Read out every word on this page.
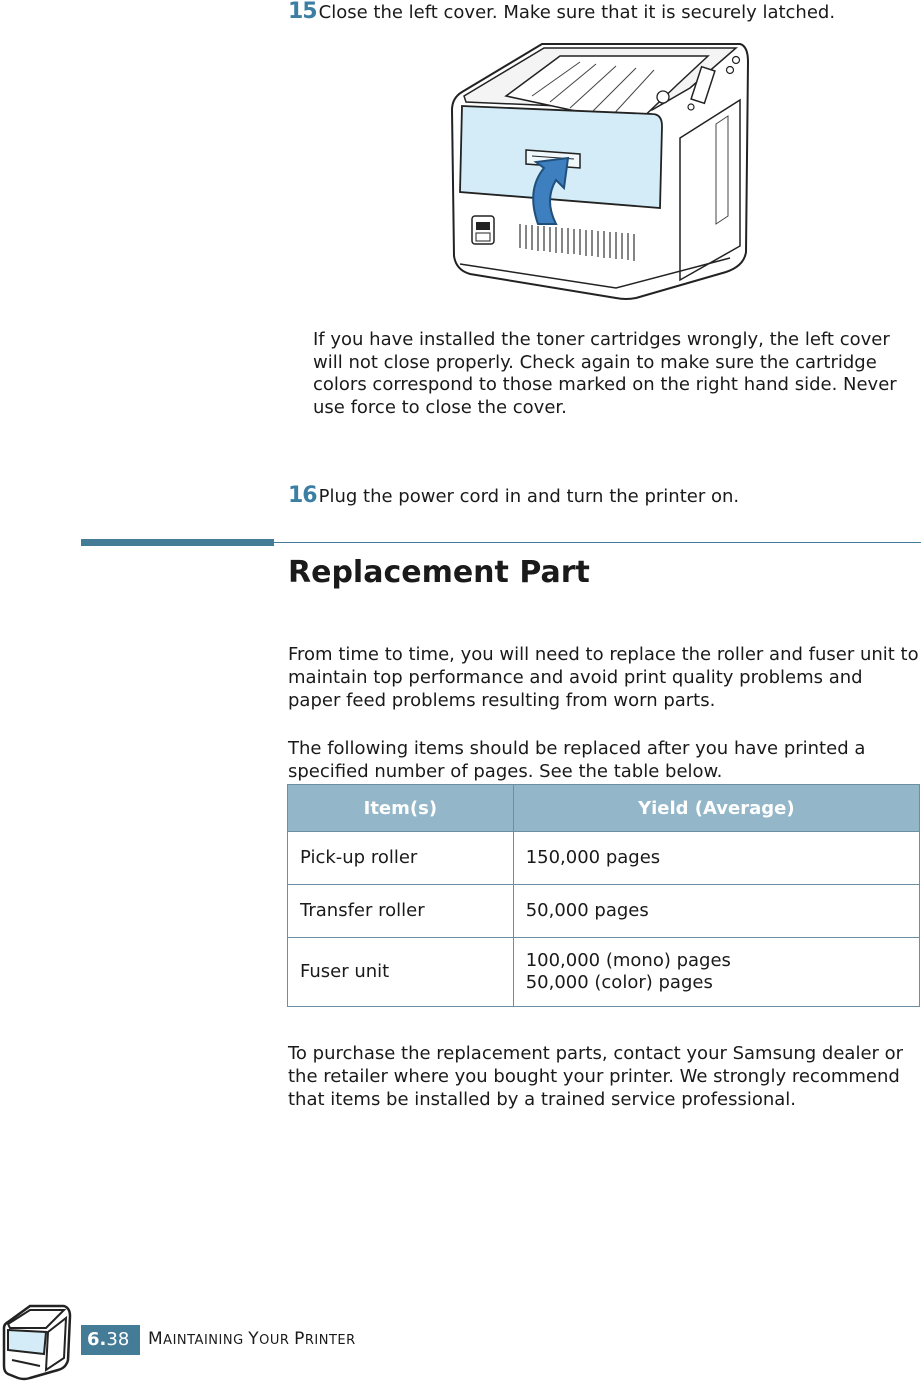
15 Close the left cover. Make sure that it is securely latched.
If you have installed the toner cartridges wrongly, the left cover will not close properly. Check again to make sure the cartridge colors correspond to those marked on the right hand side. Never use force to close the cover.
16 Plug the power cord in and turn the printer on.
Replacement Part
From time to time, you will need to replace the roller and fuser unit to maintain top performance and avoid print quality problems and paper feed problems resulting from worn parts.
The following items should be replaced after you have printed a specified number of pages. See the table below.
Item(s)	Yield (Average)
Pick-up roller	150,000 pages
Transfer roller	50,000 pages
Fuser unit	100,000 (mono) pages
50,000 (color) pages
To purchase the replacement parts, contact your Samsung dealer or the retailer where you bought your printer. We strongly recommend that items be installed by a trained service professional.
6.38	MAINTAINING YOUR PRINTER
